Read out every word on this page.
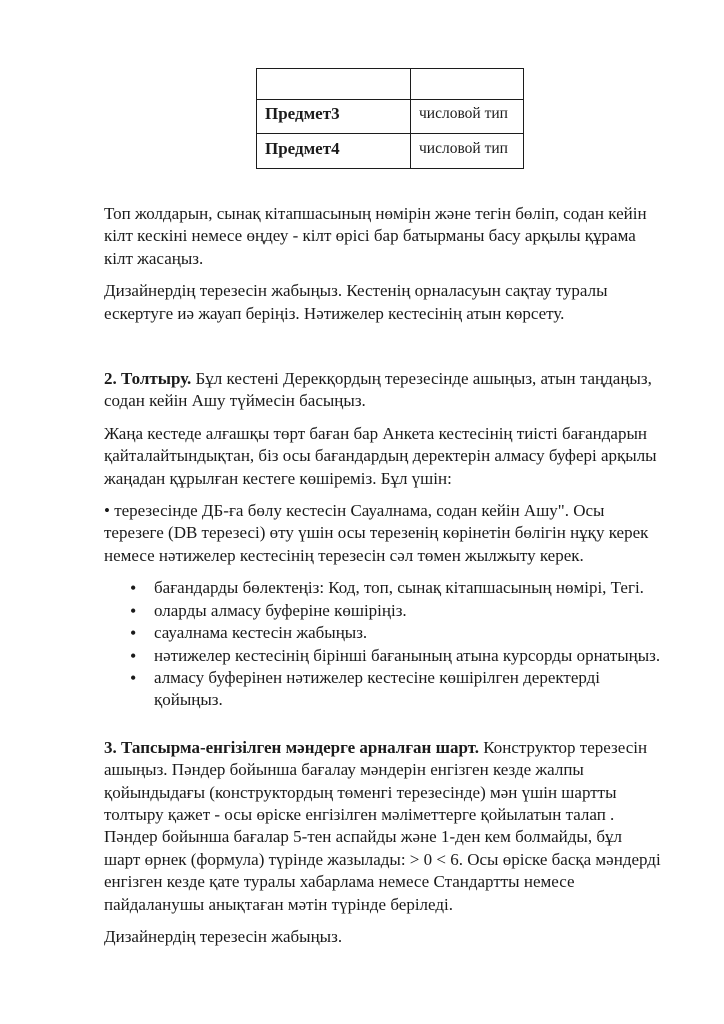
Предмет3	числовой тип
Предмет4	числовой тип

Топ жолдарын, сынақ кітапшасының нөмірін және тегін бөліп, содан кейін кілт кескіні немесе өңдеу - кілт өрісі бар батырманы басу арқылы құрама кілт жасаңыз.

Дизайнердің терезесін жабыңыз. Кестенің орналасуын сақтау туралы ескертуге иә жауап беріңіз. Нәтижелер кестесінің атын көрсету.

2. Толтыру. Бұл кестені Дерекқордың терезесінде ашыңыз, атын таңдаңыз, содан кейін Ашу түймесін басыңыз.

Жаңа кестеде алғашқы төрт баған бар Анкета кестесінің тиісті бағандарын қайталайтындықтан, біз осы бағандардың деректерін алмасу буфері арқылы жаңадан құрылған кестеге көшіреміз. Бұл үшін:

• терезесінде ДБ-ға бөлу кестесін Сауалнама, содан кейін Ашу". Осы терезеге (DB терезесі) өту үшін осы терезенің көрінетін бөлігін нұқу керек немесе нәтижелер кестесінің терезесін сәл төмен жылжыту керек.

• бағандарды бөлектеңіз: Код, топ, сынақ кітапшасының нөмірі, Тегі.
• оларды алмасу буферіне көшіріңіз.
• сауалнама кестесін жабыңыз.
• нәтижелер кестесінің бірінші бағанының атына курсорды орнатыңыз.
• алмасу буферінен нәтижелер кестесіне көшірілген деректерді қойыңыз.

3. Тапсырма-енгізілген мәндерге арналған шарт. Конструктор терезесін ашыңыз. Пәндер бойынша бағалау мәндерін енгізген кезде жалпы қойындыдағы (конструктордың төменгі терезесінде) мән үшін шартты толтыру қажет - осы өріске енгізілген мәліметтерге қойылатын талап . Пәндер бойынша бағалар 5-тен аспайды және 1-ден кем болмайды, бұл шарт өрнек (формула) түрінде жазылады: > 0 < 6. Осы өріске басқа мәндерді енгізген кезде қате туралы хабарлама немесе Стандартты немесе пайдаланушы анықтаған мәтін түрінде беріледі.

Дизайнердің терезесін жабыңыз.
